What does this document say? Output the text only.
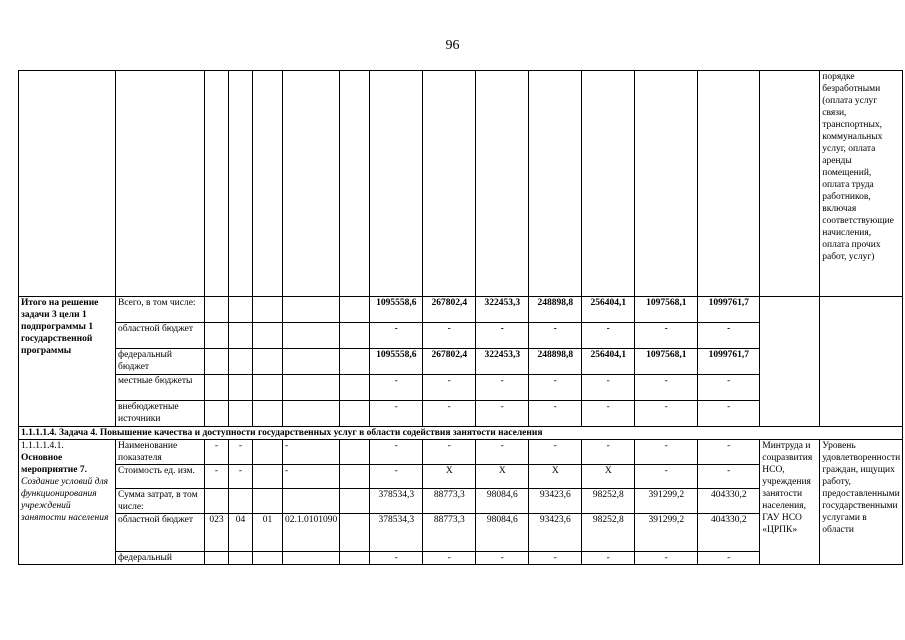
96
															порядке безработными (оплата услуг связи, транспортных, коммунальных услуг, оплата аренды помещений, оплата труда работников, включая соответствующие начисления, оплата прочих работ, услуг)
Итого на решение задачи 3 цели 1 подпрограммы 1 государственной программы	Всего, в том числе:						1095558,6	267802,4	322453,3	248898,8	256404,1	1097568,1	1099761,7		
	областной бюджет						-	-	-	-	-	-	-		
	федеральный бюджет						1095558,6	267802,4	322453,3	248898,8	256404,1	1097568,1	1099761,7		
	местные бюджеты						-	-	-	-	-	-	-		
	внебюджетные источники						-	-	-	-	-	-	-		
1.1.1.1.4. Задача 4. Повышение качества и доступности государственных услуг в области содействия занятости населения															

1.1.1.1.4.1.
Основное мероприятие 7.
Создание условий для функционирования учреждений занятости населения	Наименование показателя	-	-		-		-	-	-	-	-	-	-	Минтруда и соцразвития НСО, учреждения занятости населения, ГАУ НСО «ЦРПК»	Уровень удовлетворенности граждан, ищущих работу, предоставленными государственными услугами в области
	Стоимость ед. изм.	-	-		-		-	X	X	X	X	-	-		
	Сумма затрат, в том числе:						378534,3	88773,3	98084,6	93423,6	98252,8	391299,2	404330,2		
	областной бюджет	023	04	01	02.1.0101090		378534,3	88773,3	98084,6	93423,6	98252,8	391299,2	404330,2		
	федеральный						-	-	-	-	-	-	-		
